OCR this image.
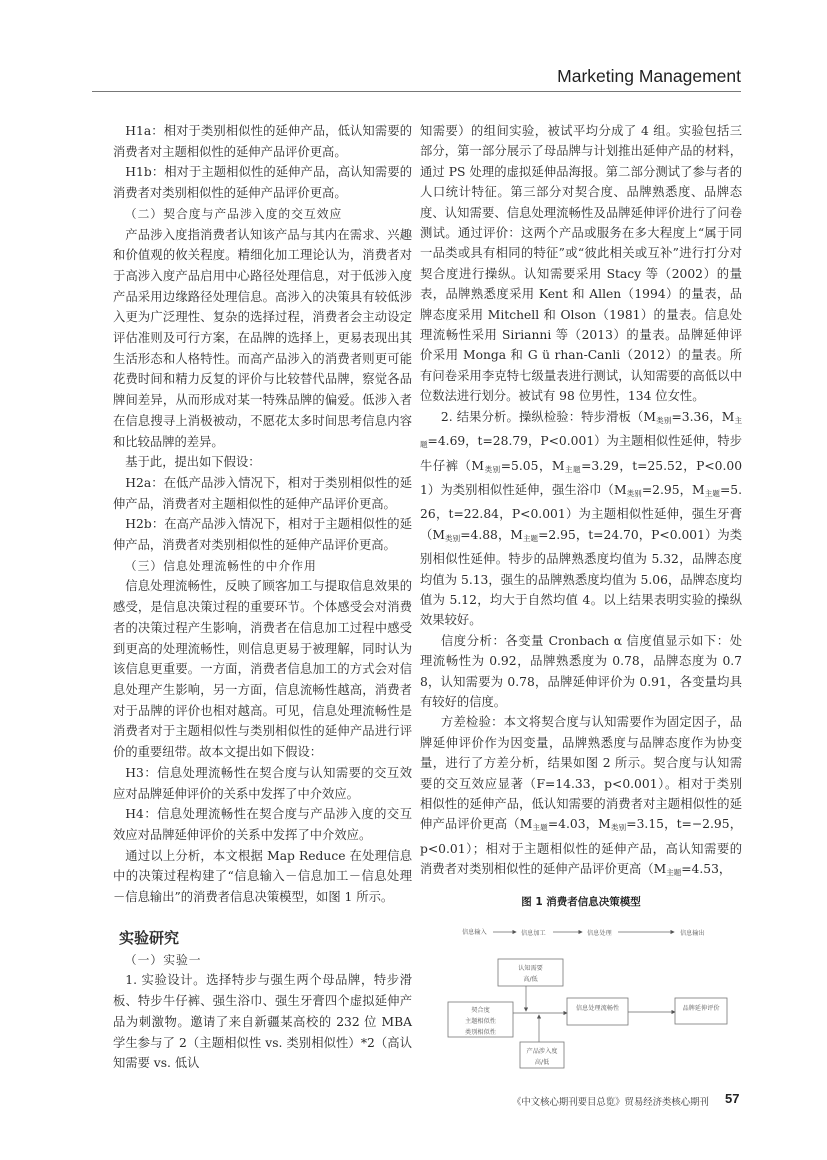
Marketing Management

H1a：相对于类别相似性的延伸产品，低认知需要的消费者对主题相似性的延伸产品评价更高。

H1b：相对于主题相似性的延伸产品，高认知需要的消费者对类别相似性的延伸产品评价更高。

（二）契合度与产品涉入度的交互效应

产品涉入度指消费者认知该产品与其内在需求、兴趣和价值观的攸关程度。精细化加工理论认为，消费者对于高涉入度产品启用中心路径处理信息，对于低涉入度产品采用边缘路径处理信息。高涉入的决策具有较低涉入更为广泛理性、复杂的选择过程，消费者会主动设定评估准则及可行方案，在品牌的选择上，更易表现出其生活形态和人格特性。而高产品涉入的消费者则更可能花费时间和精力反复的评价与比较替代品牌，察觉各品牌间差异，从而形成对某一特殊品牌的偏爱。低涉入者在信息搜寻上消极被动，不愿花太多时间思考信息内容和比较品牌的差异。

基于此，提出如下假设：

H2a：在低产品涉入情况下，相对于类别相似性的延伸产品，消费者对主题相似性的延伸产品评价更高。

H2b：在高产品涉入情况下，相对于主题相似性的延伸产品，消费者对类别相似性的延伸产品评价更高。

（三）信息处理流畅性的中介作用

信息处理流畅性，反映了顾客加工与提取信息效果的感受，是信息决策过程的重要环节。个体感受会对消费者的决策过程产生影响，消费者在信息加工过程中感受到更高的处理流畅性，则信息更易于被理解，同时认为该信息更重要。一方面，消费者信息加工的方式会对信息处理产生影响，另一方面，信息流畅性越高，消费者对于品牌的评价也相对越高。可见，信息处理流畅性是消费者对于主题相似性与类别相似性的延伸产品进行评价的重要纽带。故本文提出如下假设：

H3：信息处理流畅性在契合度与认知需要的交互效应对品牌延伸评价的关系中发挥了中介效应。

H4：信息处理流畅性在契合度与产品涉入度的交互效应对品牌延伸评价的关系中发挥了中介效应。

通过以上分析，本文根据 Map Reduce 在处理信息中的决策过程构建了“信息输入－信息加工－信息处理－信息输出”的消费者信息决策模型，如图 1 所示。

实验研究

（一）实验一

1. 实验设计。选择特步与强生两个母品牌，特步滑板、特步牛仔裤、强生浴巾、强生牙膏四个虚拟延伸产品为刺激物。邀请了来自新疆某高校的 232 位 MBA 学生参与了 2（主题相似性 vs. 类别相似性）*2（高认知需要 vs. 低认

知需要）的组间实验，被试平均分成了 4 组。实验包括三部分，第一部分展示了母品牌与计划推出延伸产品的材料，通过 PS 处理的虚拟延伸品海报。第二部分测试了参与者的人口统计特征。第三部分对契合度、品牌熟悉度、品牌态度、认知需要、信息处理流畅性及品牌延伸评价进行了问卷测试。通过评价：这两个产品或服务在多大程度上“属于同一品类或具有相同的特征”或“彼此相关或互补”进行打分对契合度进行操纵。认知需要采用 Stacy 等（2002）的量表，品牌熟悉度采用 Kent 和 Allen（1994）的量表，品牌态度采用 Mitchell 和 Olson（1981）的量表。信息处理流畅性采用 Sirianni 等（2013）的量表。品牌延伸评价采用 Monga 和 G ü rhan-Canli（2012）的量表。所有问卷采用李克特七级量表进行测试，认知需要的高低以中位数法进行划分。被试有 98 位男性，134 位女性。

2. 结果分析。操纵检验：特步滑板（$M_{类别}=3.36$，$M_{主题}=4.69$，t=28.79，P<0.001）为主题相似性延伸，特步牛仔裤（$M_{类别}=5.05$，$M_{主题}=3.29$，t=25.52，P<0.001）为类别相似性延伸，强生浴巾（$M_{类别}=2.95$，$M_{主题}=5.26$，t=22.84，P<0.001）为主题相似性延伸，强生牙膏（$M_{类别}=4.88$，$M_{主题}=2.95$，t=24.70，P<0.001）为类别相似性延伸。特步的品牌熟悉度均值为 5.32，品牌态度均值为 5.13，强生的品牌熟悉度均值为 5.06，品牌态度均值为 5.12，均大于自然均值 4。以上结果表明实验的操纵效果较好。

信度分析：各变量 Cronbach α 信度值显示如下：处理流畅性为 0.92，品牌熟悉度为 0.78，品牌态度为 0.78，认知需要为 0.78，品牌延伸评价为 0.91，各变量均具有较好的信度。

方差检验：本文将契合度与认知需要作为固定因子，品牌延伸评价作为因变量，品牌熟悉度与品牌态度作为协变量，进行了方差分析，结果如图 2 所示。契合度与认知需要的交互效应显著（F=14.33，p<0.001）。相对于类别相似性的延伸产品，低认知需要的消费者对主题相似性的延伸产品评价更高（$M_{主题}=4.03$，$M_{类别}=3.15$，t=−2.95，p<0.01）；相对于主题相似性的延伸产品，高认知需要的消费者对类别相似性的延伸产品评价更高（$M_{主题}=4.53$，

图 1 消费者信息决策模型
信息输入	信息加工	信息处理	信息输出
认知需要
高/低
契合度
主题相似性
类别相似性
信息处理流畅性	品牌延伸评价
产品涉入度
高/低
《中文核心期刊要目总览》贸易经济类核心期刊 57
